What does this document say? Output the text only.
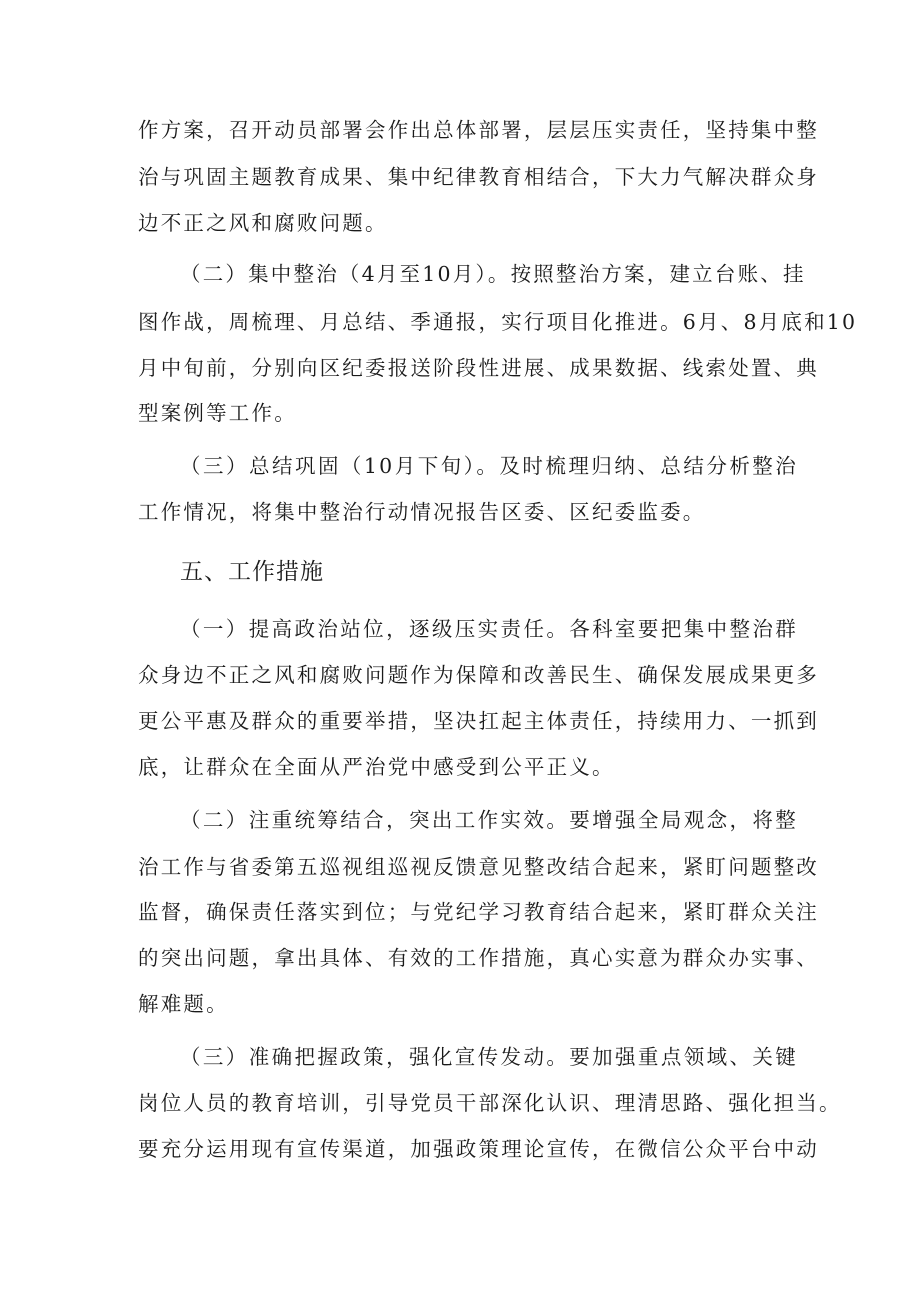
作方案，召开动员部署会作出总体部署，层层压实责任，坚持集中整
治与巩固主题教育成果、集中纪律教育相结合，下大力气解决群众身
边不正之风和腐败问题。
（二）集中整治（4月至10月）。按照整治方案，建立台账、挂
图作战，周梳理、月总结、季通报，实行项目化推进。6月、8月底和10
月中旬前，分别向区纪委报送阶段性进展、成果数据、线索处置、典
型案例等工作。
（三）总结巩固（10月下旬）。及时梳理归纳、总结分析整治
工作情况，将集中整治行动情况报告区委、区纪委监委。
五、工作措施
（一）提高政治站位，逐级压实责任。各科室要把集中整治群
众身边不正之风和腐败问题作为保障和改善民生、确保发展成果更多
更公平惠及群众的重要举措，坚决扛起主体责任，持续用力、一抓到
底，让群众在全面从严治党中感受到公平正义。
（二）注重统筹结合，突出工作实效。要增强全局观念，将整
治工作与省委第五巡视组巡视反馈意见整改结合起来，紧盯问题整改
监督，确保责任落实到位；与党纪学习教育结合起来，紧盯群众关注
的突出问题，拿出具体、有效的工作措施，真心实意为群众办实事、
解难题。
（三）准确把握政策，强化宣传发动。要加强重点领域、关键
岗位人员的教育培训，引导党员干部深化认识、理清思路、强化担当。
要充分运用现有宣传渠道，加强政策理论宣传，在微信公众平台中动
